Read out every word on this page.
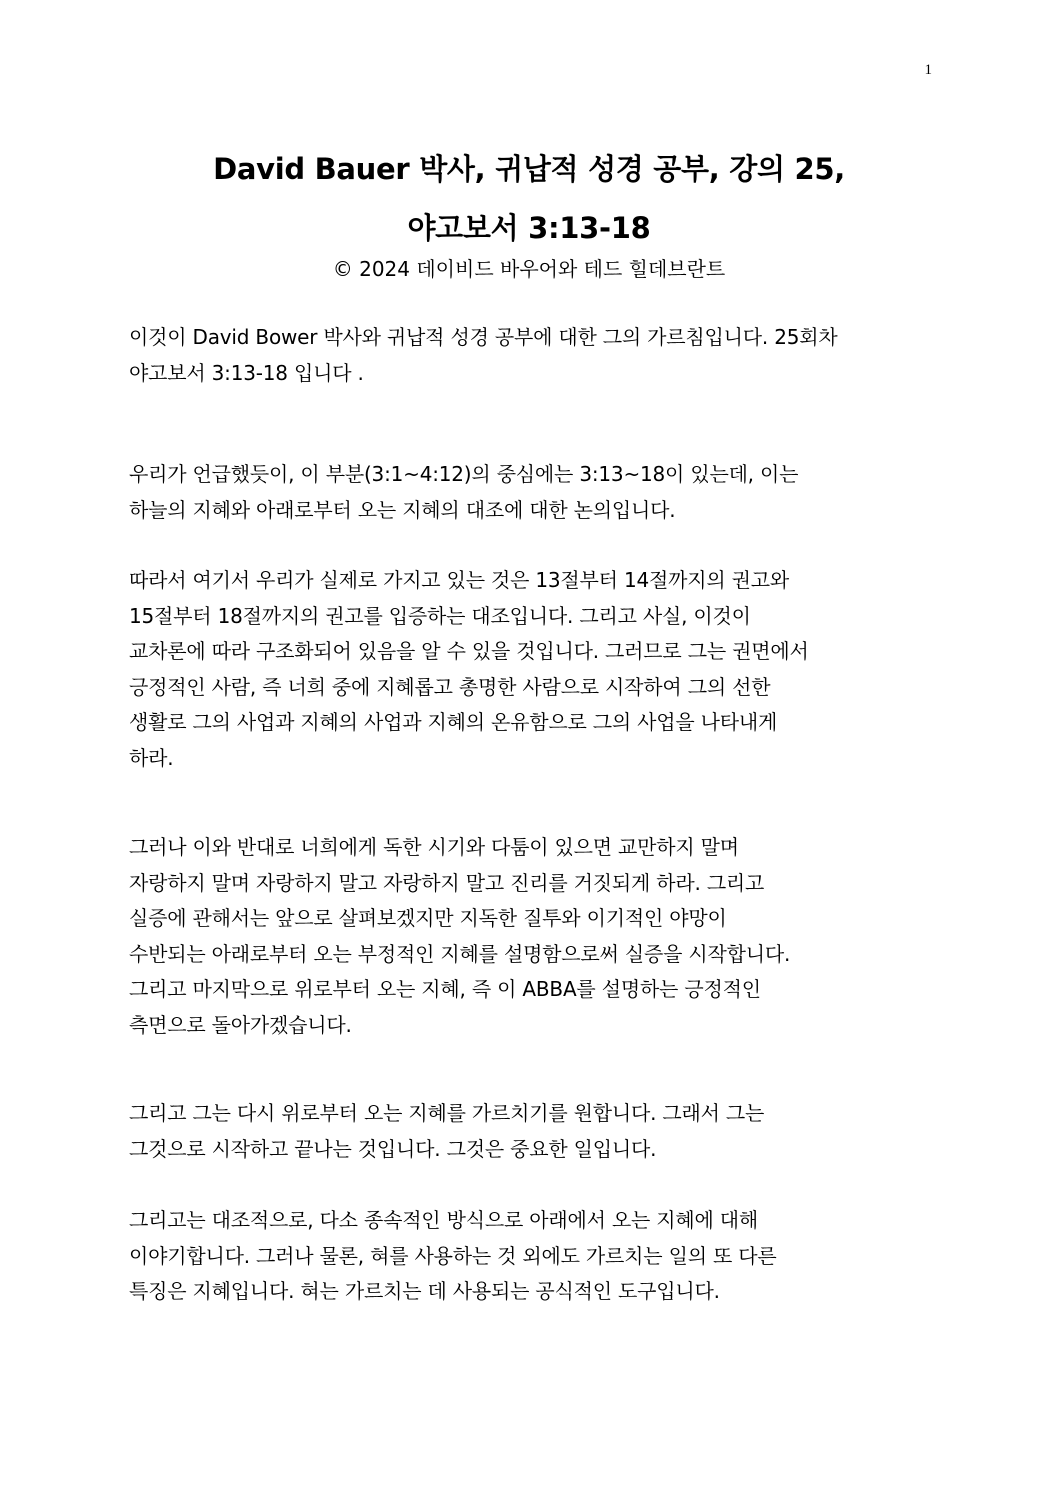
1
David Bauer 박사, 귀납적 성경 공부, 강의 25,
야고보서 3:13-18
© 2024 데이비드 바우어와 테드 힐데브란트
이것이 David Bower 박사와 귀납적 성경 공부에 대한 그의 가르침입니다. 25회차
야고보서 3:13-18 입니다 .
우리가 언급했듯이, 이 부분(3:1~4:12)의 중심에는 3:13~18이 있는데, 이는
하늘의 지혜와 아래로부터 오는 지혜의 대조에 대한 논의입니다.
따라서 여기서 우리가 실제로 가지고 있는 것은 13절부터 14절까지의 권고와
15절부터 18절까지의 권고를 입증하는 대조입니다. 그리고 사실, 이것이
교차론에 따라 구조화되어 있음을 알 수 있을 것입니다. 그러므로 그는 권면에서
긍정적인 사람, 즉 너희 중에 지혜롭고 총명한 사람으로 시작하여 그의 선한
생활로 그의 사업과 지혜의 사업과 지혜의 온유함으로 그의 사업을 나타내게
하라.
그러나 이와 반대로 너희에게 독한 시기와 다툼이 있으면 교만하지 말며
자랑하지 말며 자랑하지 말고 자랑하지 말고 진리를 거짓되게 하라. 그리고
실증에 관해서는 앞으로 살펴보겠지만 지독한 질투와 이기적인 야망이
수반되는 아래로부터 오는 부정적인 지혜를 설명함으로써 실증을 시작합니다.
그리고 마지막으로 위로부터 오는 지혜, 즉 이 ABBA를 설명하는 긍정적인
측면으로 돌아가겠습니다.
그리고 그는 다시 위로부터 오는 지혜를 가르치기를 원합니다. 그래서 그는
그것으로 시작하고 끝나는 것입니다. 그것은 중요한 일입니다.
그리고는 대조적으로, 다소 종속적인 방식으로 아래에서 오는 지혜에 대해
이야기합니다. 그러나 물론, 혀를 사용하는 것 외에도 가르치는 일의 또 다른
특징은 지혜입니다. 혀는 가르치는 데 사용되는 공식적인 도구입니다.
